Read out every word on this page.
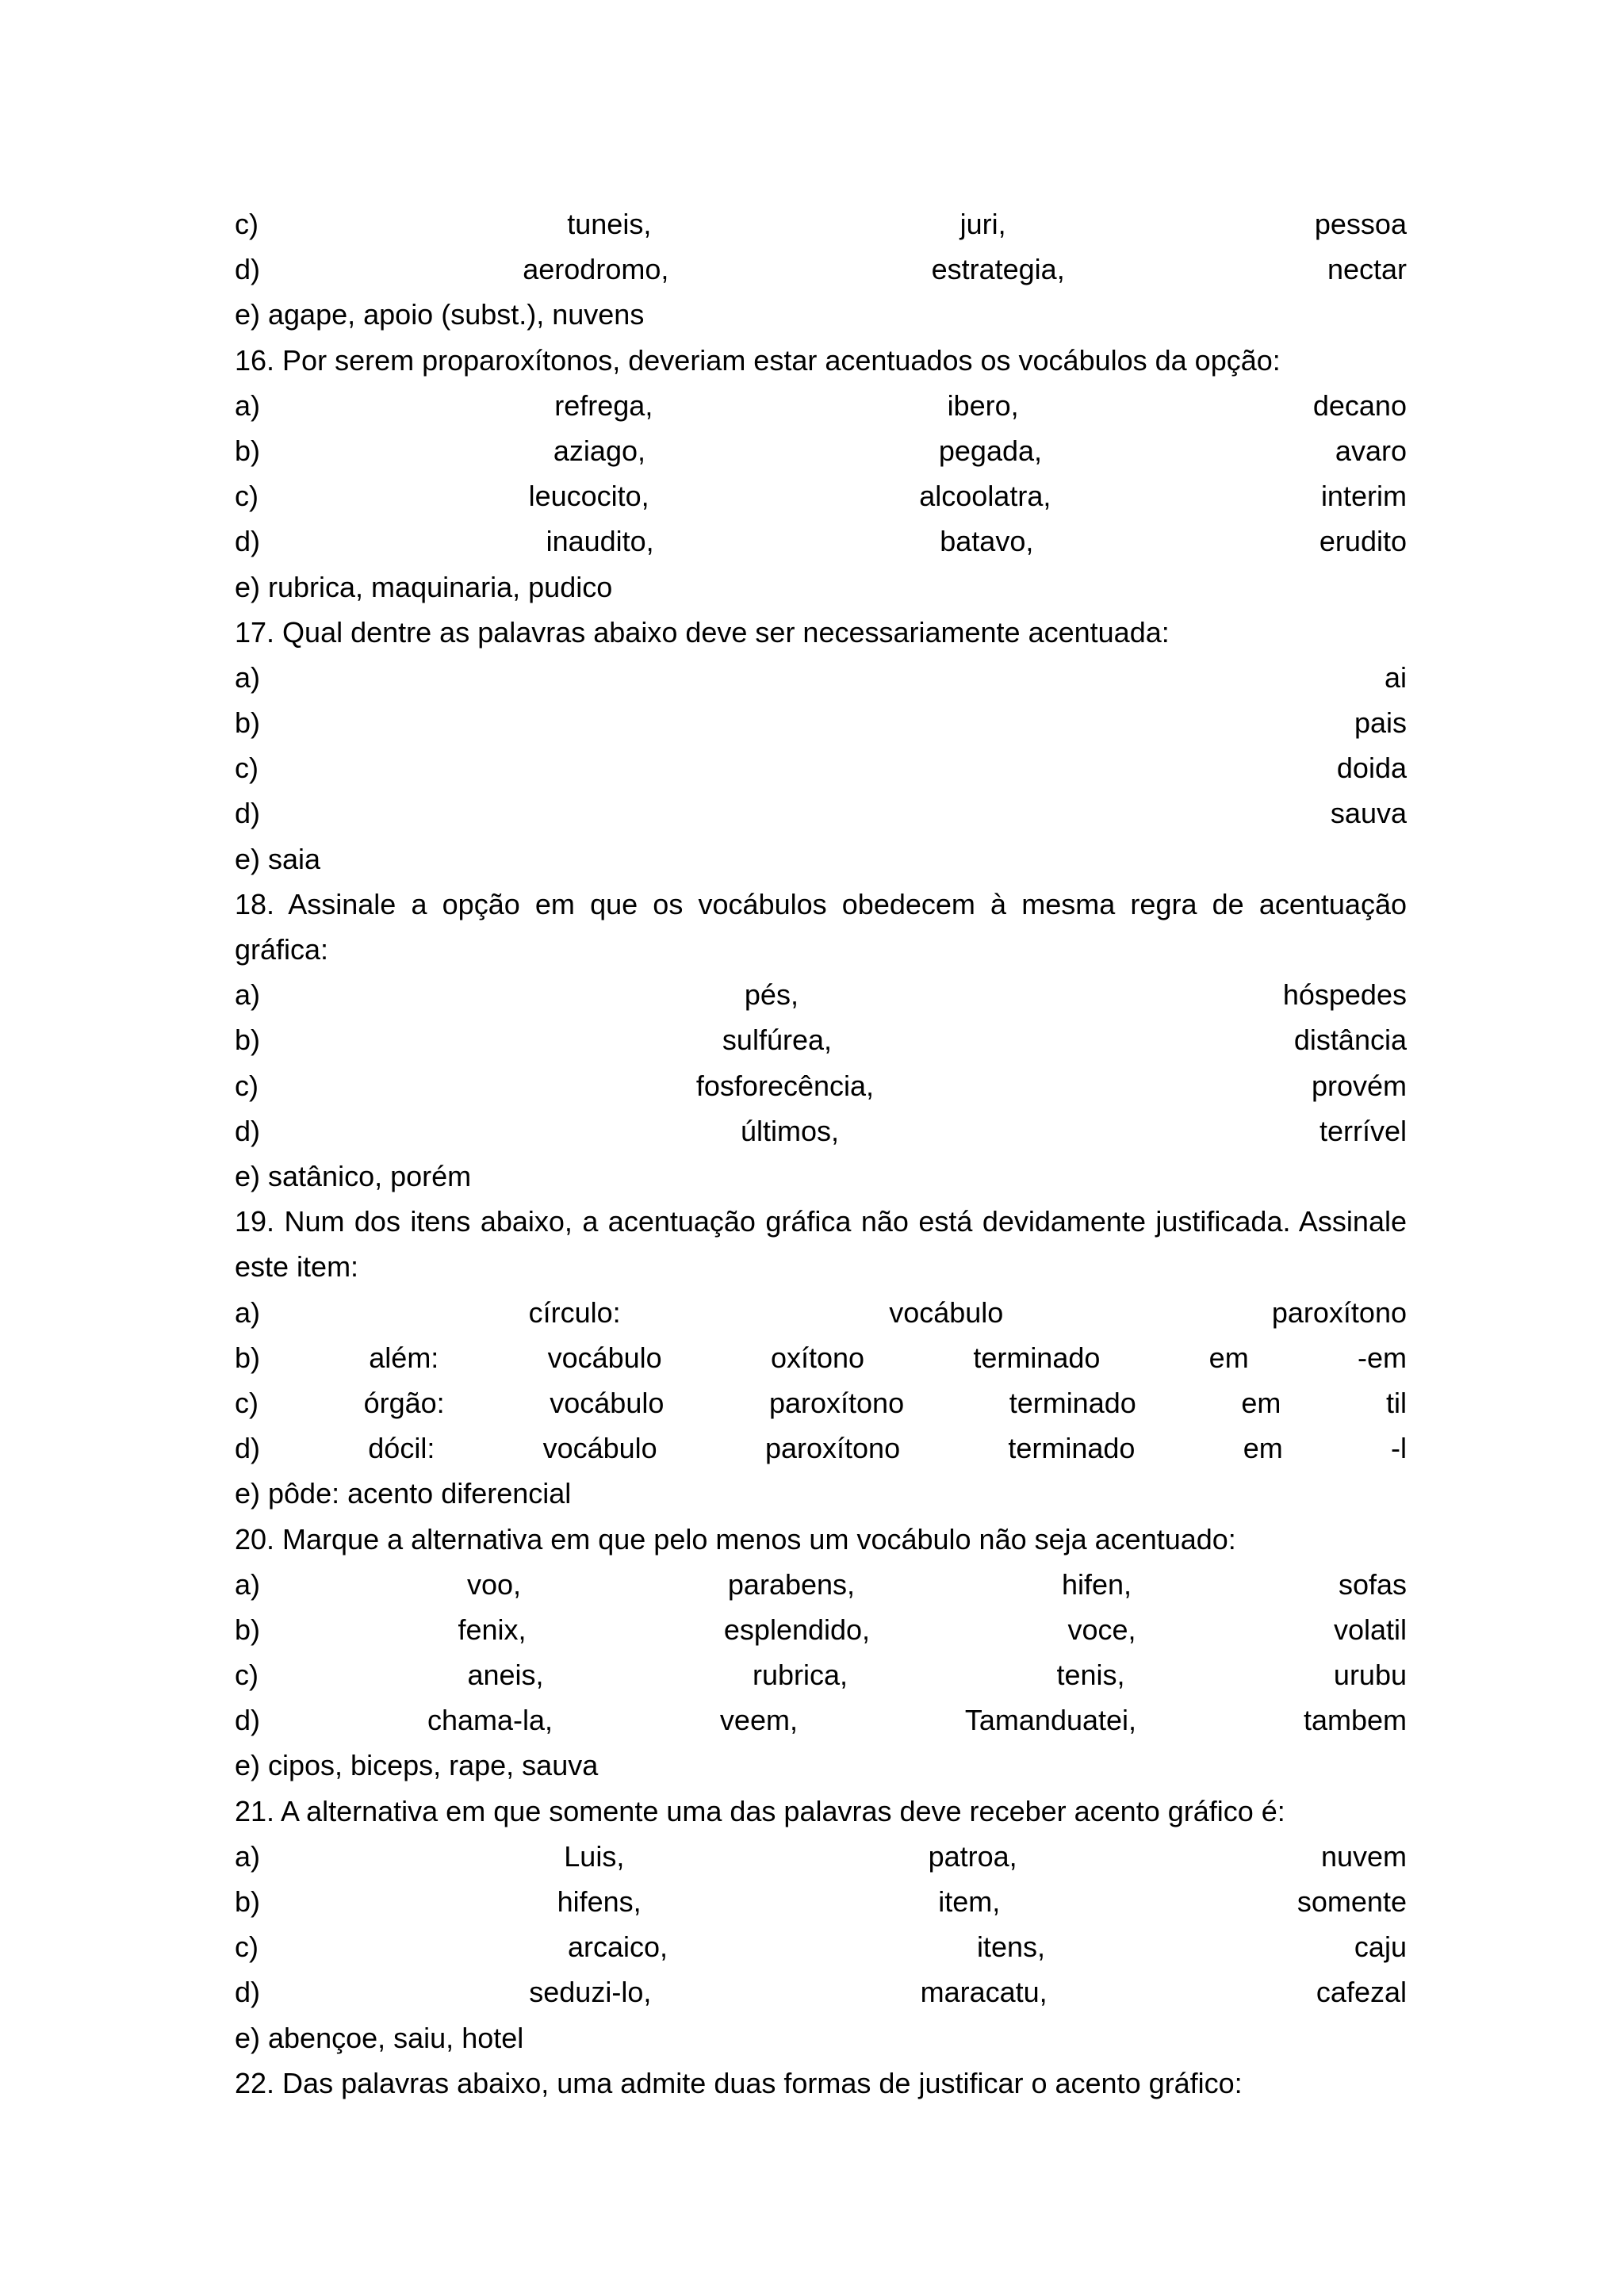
c)	tuneis,	juri,	pessoa
d)	aerodromo,	estrategia,	nectar
e) agape, apoio (subst.), nuvens
16. Por serem proparoxítonos, deveriam estar acentuados os vocábulos da opção:
a)	refrega,	ibero,	decano
b)	aziago,	pegada,	avaro
c)	leucocito,	alcoolatra,	interim
d)	inaudito,	batavo,	erudito
e) rubrica, maquinaria, pudico
17. Qual dentre as palavras abaixo deve ser necessariamente acentuada:
a)	ai
b)	pais
c)	doida
d)	sauva
e) saia
18. Assinale a opção em que os vocábulos obedecem à mesma regra de acentuação gráfica:
a)	pés,	hóspedes
b)	sulfúrea,	distância
c)	fosforecência,	provém
d)	últimos,	terrível
e) satânico, porém
19. Num dos itens abaixo, a acentuação gráfica não está devidamente justificada. Assinale este item:
a)	círculo:	vocábulo	paroxítono
b)	além:	vocábulo	oxítono	terminado	em	-em
c)	órgão:	vocábulo	paroxítono	terminado	em	til
d)	dócil:	vocábulo	paroxítono	terminado	em	-l
e) pôde: acento diferencial
20. Marque a alternativa em que pelo menos um vocábulo não seja acentuado:
a)	voo,	parabens,	hifen,	sofas
b)	fenix,	esplendido,	voce,	volatil
c)	aneis,	rubrica,	tenis,	urubu
d)	chama-la,	veem,	Tamanduatei,	tambem
e) cipos, biceps, rape, sauva
21. A alternativa em que somente uma das palavras deve receber acento gráfico é:
a)	Luis,	patroa,	nuvem
b)	hifens,	item,	somente
c)	arcaico,	itens,	caju
d)	seduzi-lo,	maracatu,	cafezal
e) abençoe, saiu, hotel
22. Das palavras abaixo, uma admite duas formas de justificar o acento gráfico:
